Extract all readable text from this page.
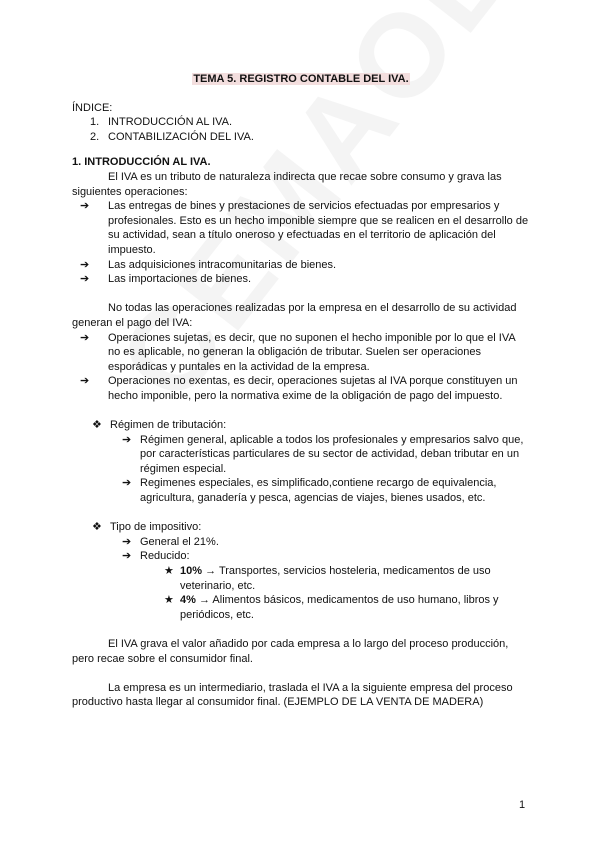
TEMA 5. REGISTRO CONTABLE DEL IVA.

ÍNDICE:

1. INTRODUCCIÓN AL IVA.
2. CONTABILIZACIÓN DEL IVA.

1. INTRODUCCIÓN AL IVA.

El IVA es un tributo de naturaleza indirecta que recae sobre consumo y grava las siguientes operaciones:

➔	Las entregas de bines y prestaciones de servicios efectuadas por empresarios y profesionales. Esto es un hecho imponible siempre que se realicen en el desarrollo de su actividad, sean a título oneroso y efectuadas en el territorio de aplicación del impuesto.
➔	Las adquisiciones intracomunitarias de bienes.
➔	Las importaciones de bienes.

No todas las operaciones realizadas por la empresa en el desarrollo de su actividad generan el pago del IVA:

➔	Operaciones sujetas, es decir, que no suponen el hecho imponible por lo que el IVA no es aplicable, no generan la obligación de tributar. Suelen ser operaciones esporádicas y puntales en la actividad de la empresa.
➔	Operaciones no exentas, es decir, operaciones sujetas al IVA porque constituyen un hecho imponible, pero la normativa exime de la obligación de pago del impuesto.
❖ Régimen de tributación:
➔ Régimen general, aplicable a todos los profesionales y empresarios salvo que, por características particulares de su sector de actividad, deban tributar en un régimen especial.
➔ Regimenes especiales, es simplificado,contiene recargo de equivalencia, agricultura, ganadería y pesca, agencias de viajes, bienes usados, etc.
❖ Tipo de impositivo:
➔ General el 21%.
➔ Reducido:
★ 10% → Transportes, servicios hosteleria, medicamentos de uso veterinario, etc.
★ 4% → Alimentos básicos, medicamentos de uso humano, libros y periódicos, etc.

El IVA grava el valor añadido por cada empresa a lo largo del proceso producción, pero recae sobre el consumidor final.

La empresa es un intermediario, traslada el IVA a la siguiente empresa del proceso productivo hasta llegar al consumidor final. (EJEMPLO DE LA VENTA DE MADERA)

1
